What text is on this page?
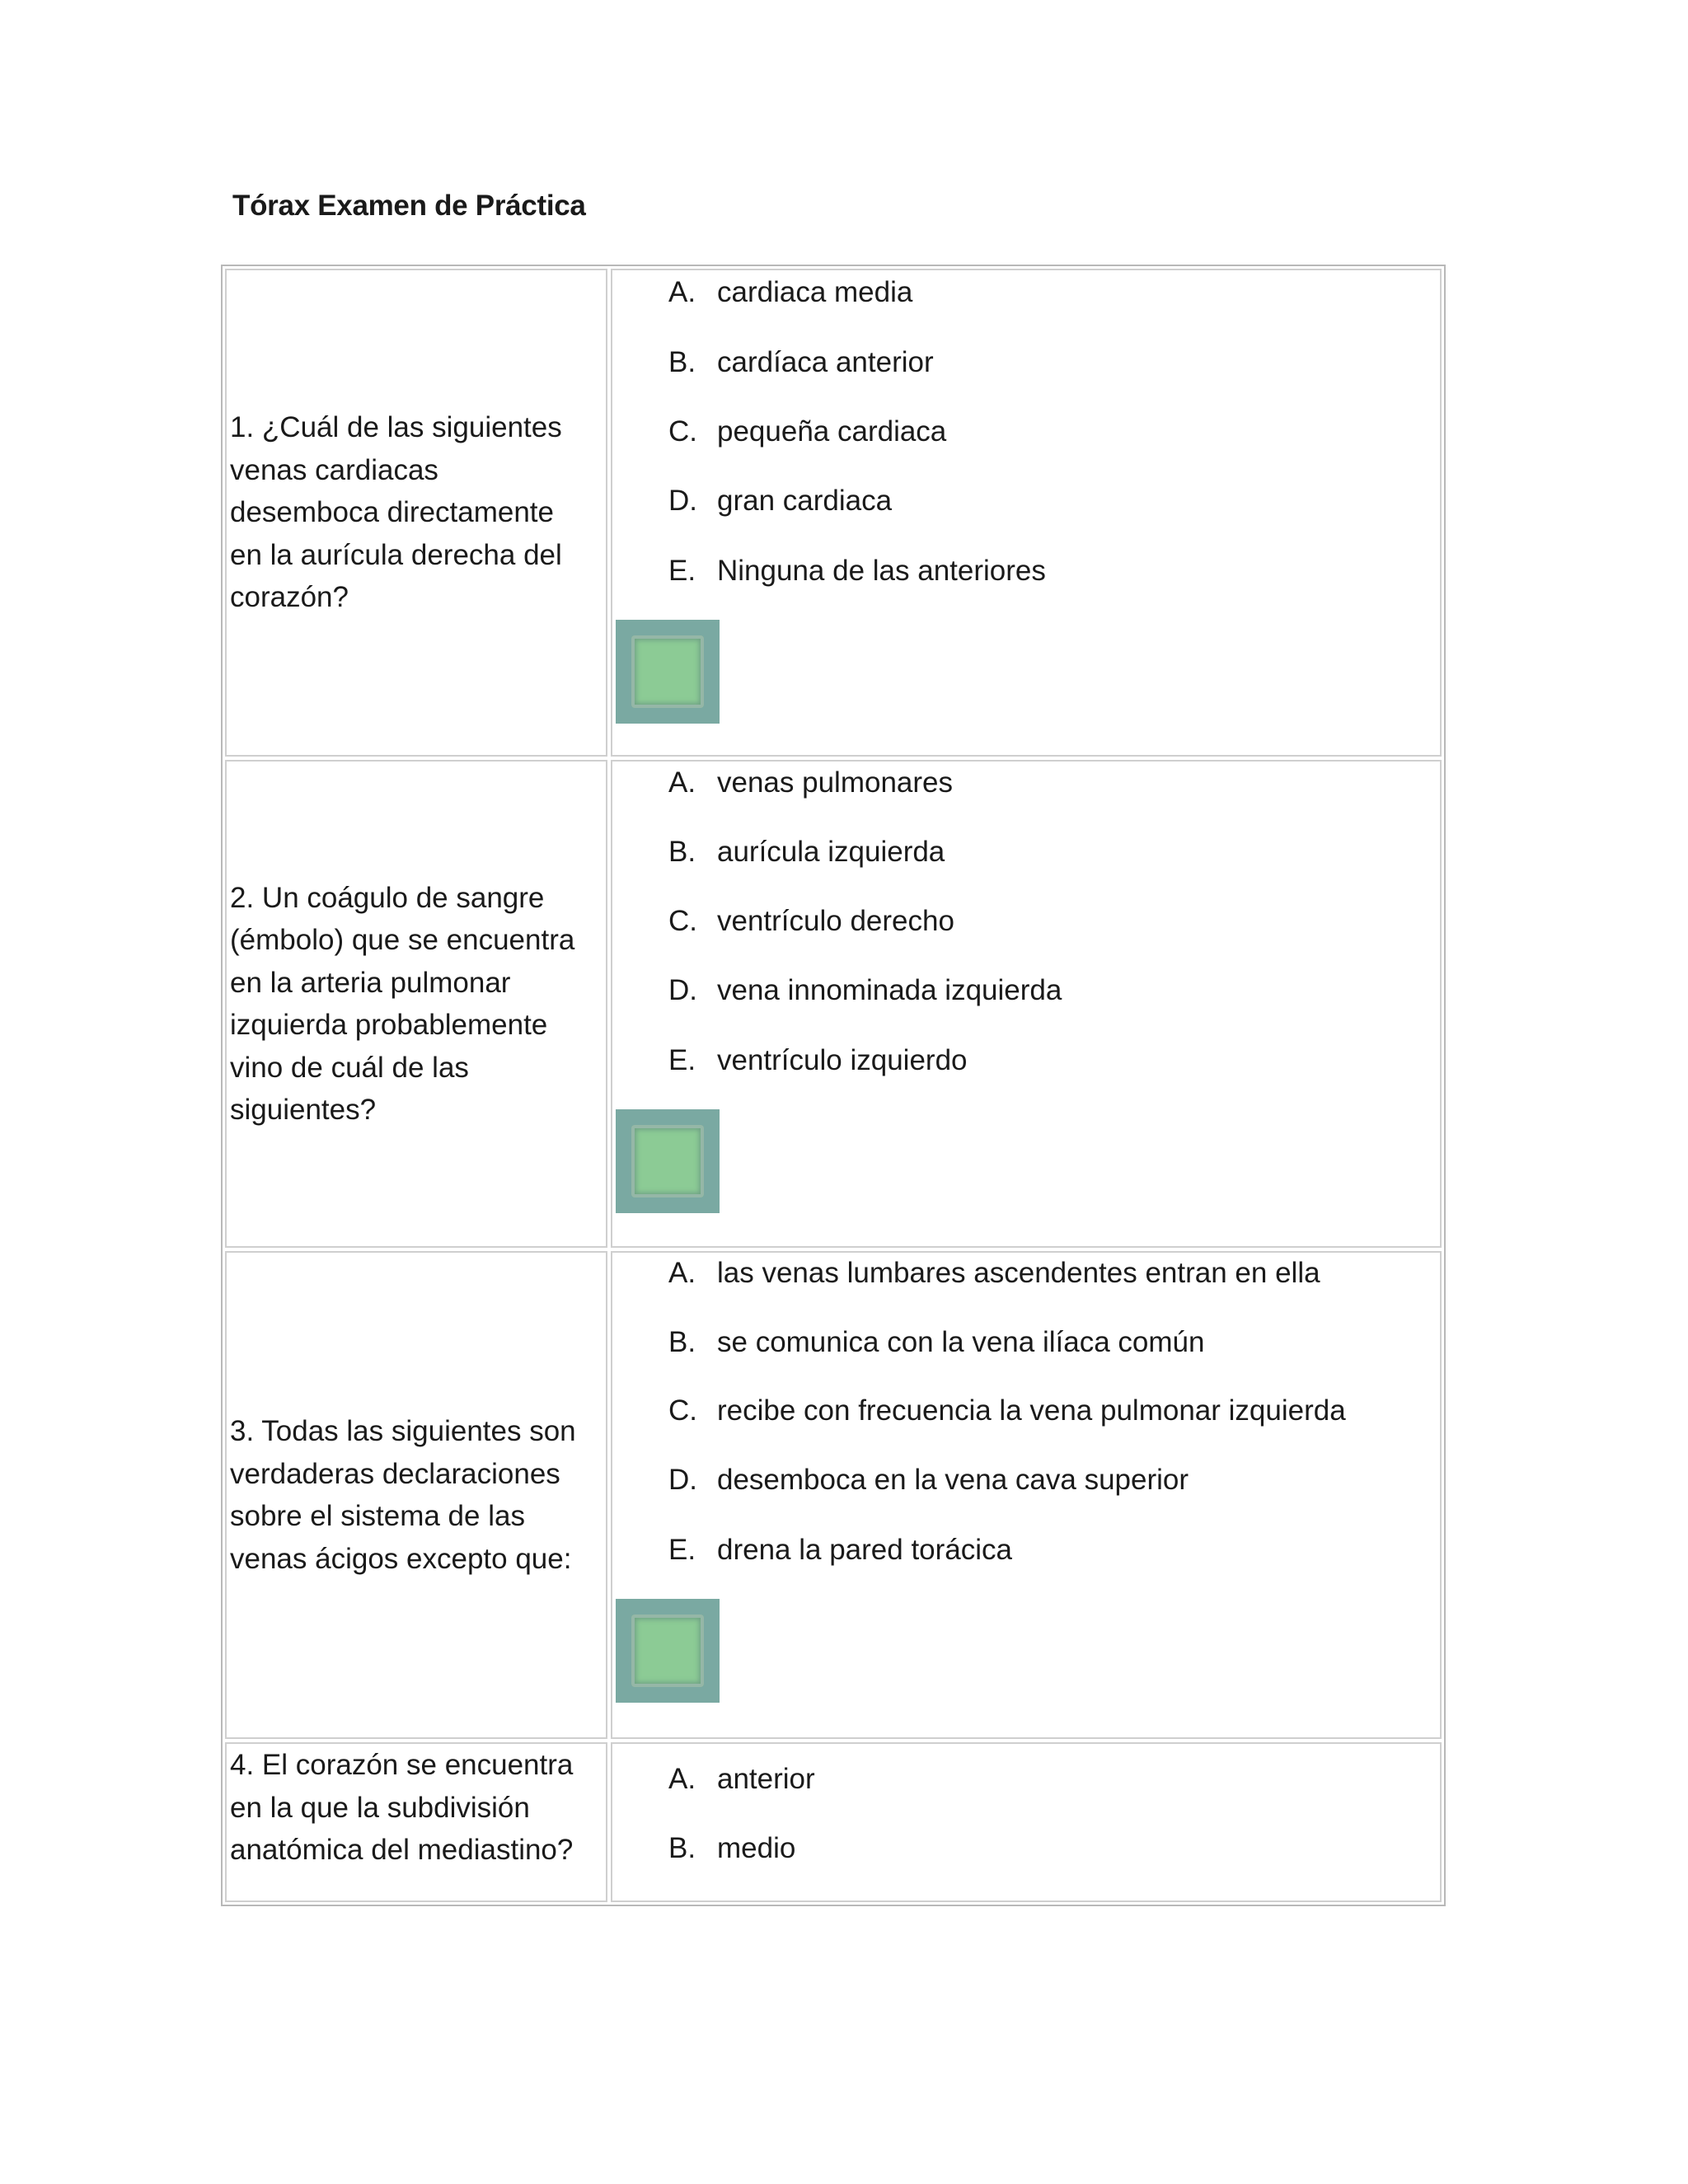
Tórax Examen de Práctica
1. ¿Cuál de las siguientes venas cardiacas desemboca directamente en la aurícula derecha del corazón?
A. cardiaca media
B. cardíaca anterior
C. pequeña cardiaca
D. gran cardiaca
E. Ninguna de las anteriores
2. Un coágulo de sangre (émbolo) que se encuentra en la arteria pulmonar izquierda probablemente vino de cuál de las siguientes?
A. venas pulmonares
B. aurícula izquierda
C. ventrículo derecho
D. vena innominada izquierda
E. ventrículo izquierdo
3. Todas las siguientes son verdaderas declaraciones sobre el sistema de las venas ácigos excepto que:
A. las venas lumbares ascendentes entran en ella
B. se comunica con la vena ilíaca común
C. recibe con frecuencia la vena pulmonar izquierda
D. desemboca en la vena cava superior
E. drena la pared torácica
4. El corazón se encuentra en la que la subdivisión anatómica del mediastino?
A. anterior
B. medio
